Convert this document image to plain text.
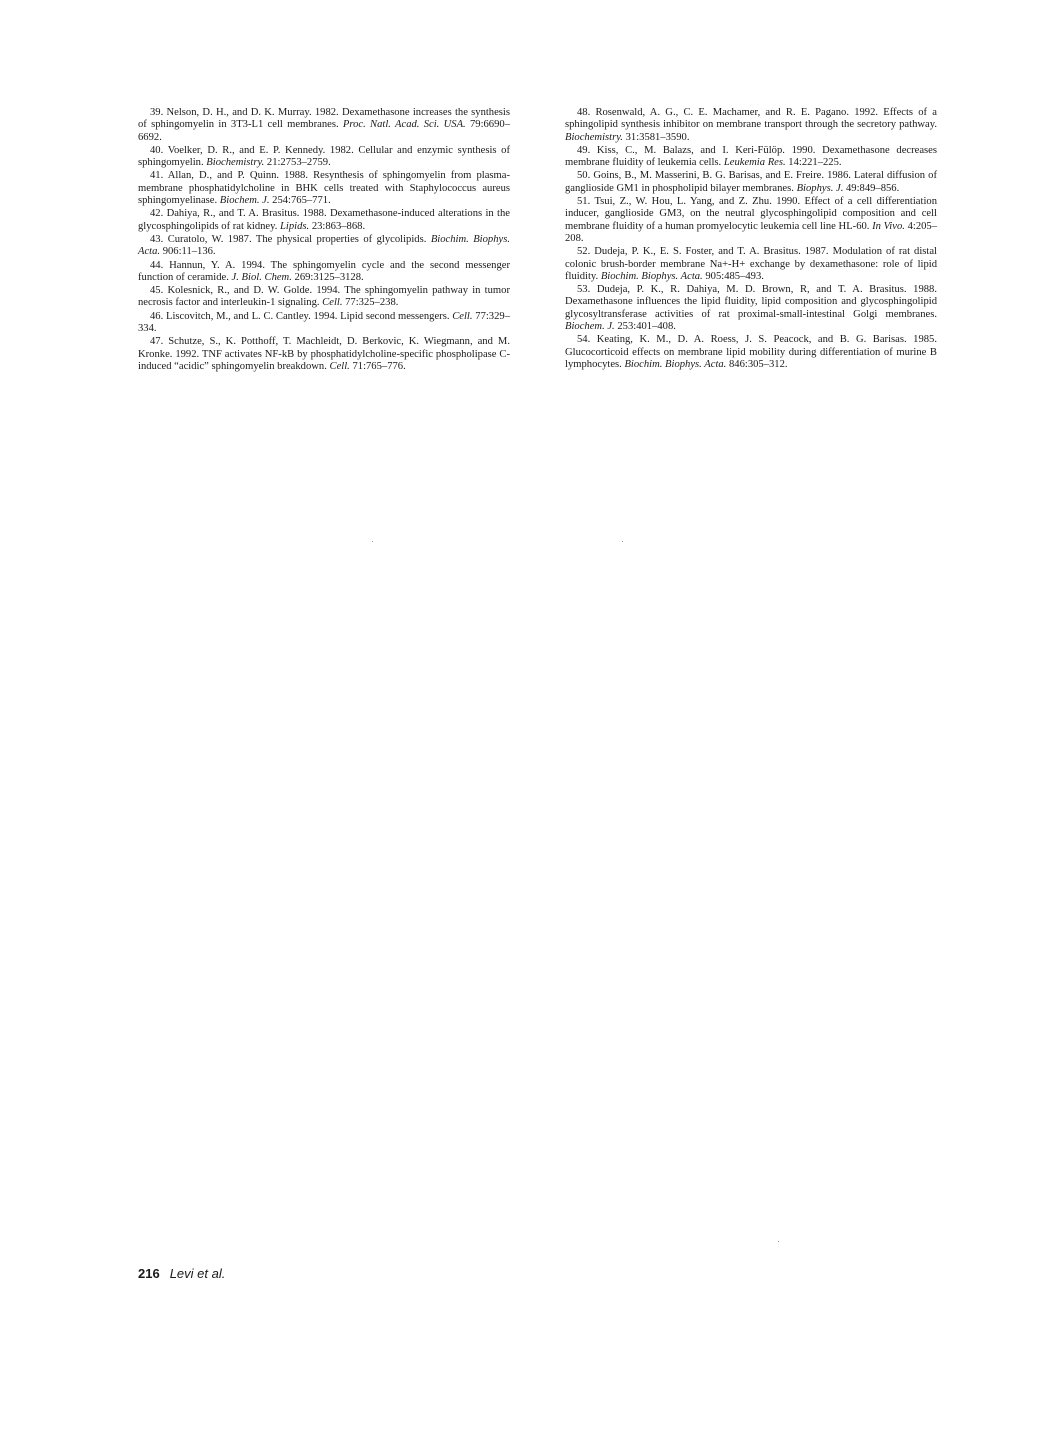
39. Nelson, D. H., and D. K. Murray. 1982. Dexamethasone increases the synthesis of sphingomyelin in 3T3-L1 cell membranes. Proc. Natl. Acad. Sci. USA. 79:6690–6692.

40. Voelker, D. R., and E. P. Kennedy. 1982. Cellular and enzymic synthesis of sphingomyelin. Biochemistry. 21:2753–2759.

41. Allan, D., and P. Quinn. 1988. Resynthesis of sphingomyelin from plasma-membrane phosphatidylcholine in BHK cells treated with Staphylococcus aureus sphingomyelinase. Biochem. J. 254:765–771.

42. Dahiya, R., and T. A. Brasitus. 1988. Dexamethasone-induced alterations in the glycosphingolipids of rat kidney. Lipids. 23:863–868.

43. Curatolo, W. 1987. The physical properties of glycolipids. Biochim. Biophys. Acta. 906:11–136.

44. Hannun, Y. A. 1994. The sphingomyelin cycle and the second messenger function of ceramide. J. Biol. Chem. 269:3125–3128.

45. Kolesnick, R., and D. W. Golde. 1994. The sphingomyelin pathway in tumor necrosis factor and interleukin-1 signaling. Cell. 77:325–238.

46. Liscovitch, M., and L. C. Cantley. 1994. Lipid second messengers. Cell. 77:329–334.

47. Schutze, S., K. Potthoff, T. Machleidt, D. Berkovic, K. Wiegmann, and M. Kronke. 1992. TNF activates NF-kB by phosphatidylcholine-specific phospholipase C-induced “acidic” sphingomyelin breakdown. Cell. 71:765–776.

48. Rosenwald, A. G., C. E. Machamer, and R. E. Pagano. 1992. Effects of a sphingolipid synthesis inhibitor on membrane transport through the secretory pathway. Biochemistry. 31:3581–3590.

49. Kiss, C., M. Balazs, and I. Keri-Fülöp. 1990. Dexamethasone decreases membrane fluidity of leukemia cells. Leukemia Res. 14:221–225.

50. Goins, B., M. Masserini, B. G. Barisas, and E. Freire. 1986. Lateral diffusion of ganglioside GM1 in phospholipid bilayer membranes. Biophys. J. 49:849–856.

51. Tsui, Z., W. Hou, L. Yang, and Z. Zhu. 1990. Effect of a cell differentiation inducer, ganglioside GM3, on the neutral glycosphingolipid composition and cell membrane fluidity of a human promyelocytic leukemia cell line HL-60. In Vivo. 4:205–208.

52. Dudeja, P. K., E. S. Foster, and T. A. Brasitus. 1987. Modulation of rat distal colonic brush-border membrane Na+-H+ exchange by dexamethasone: role of lipid fluidity. Biochim. Biophys. Acta. 905:485–493.

53. Dudeja, P. K., R. Dahiya, M. D. Brown, R, and T. A. Brasitus. 1988. Dexamethasone influences the lipid fluidity, lipid composition and glycosphingolipid glycosyltransferase activities of rat proximal-small-intestinal Golgi membranes. Biochem. J. 253:401–408.

54. Keating, K. M., D. A. Roess, J. S. Peacock, and B. G. Barisas. 1985. Glucocorticoid effects on membrane lipid mobility during differentiation of murine B lymphocytes. Biochim. Biophys. Acta. 846:305–312.

216 Levi et al.
